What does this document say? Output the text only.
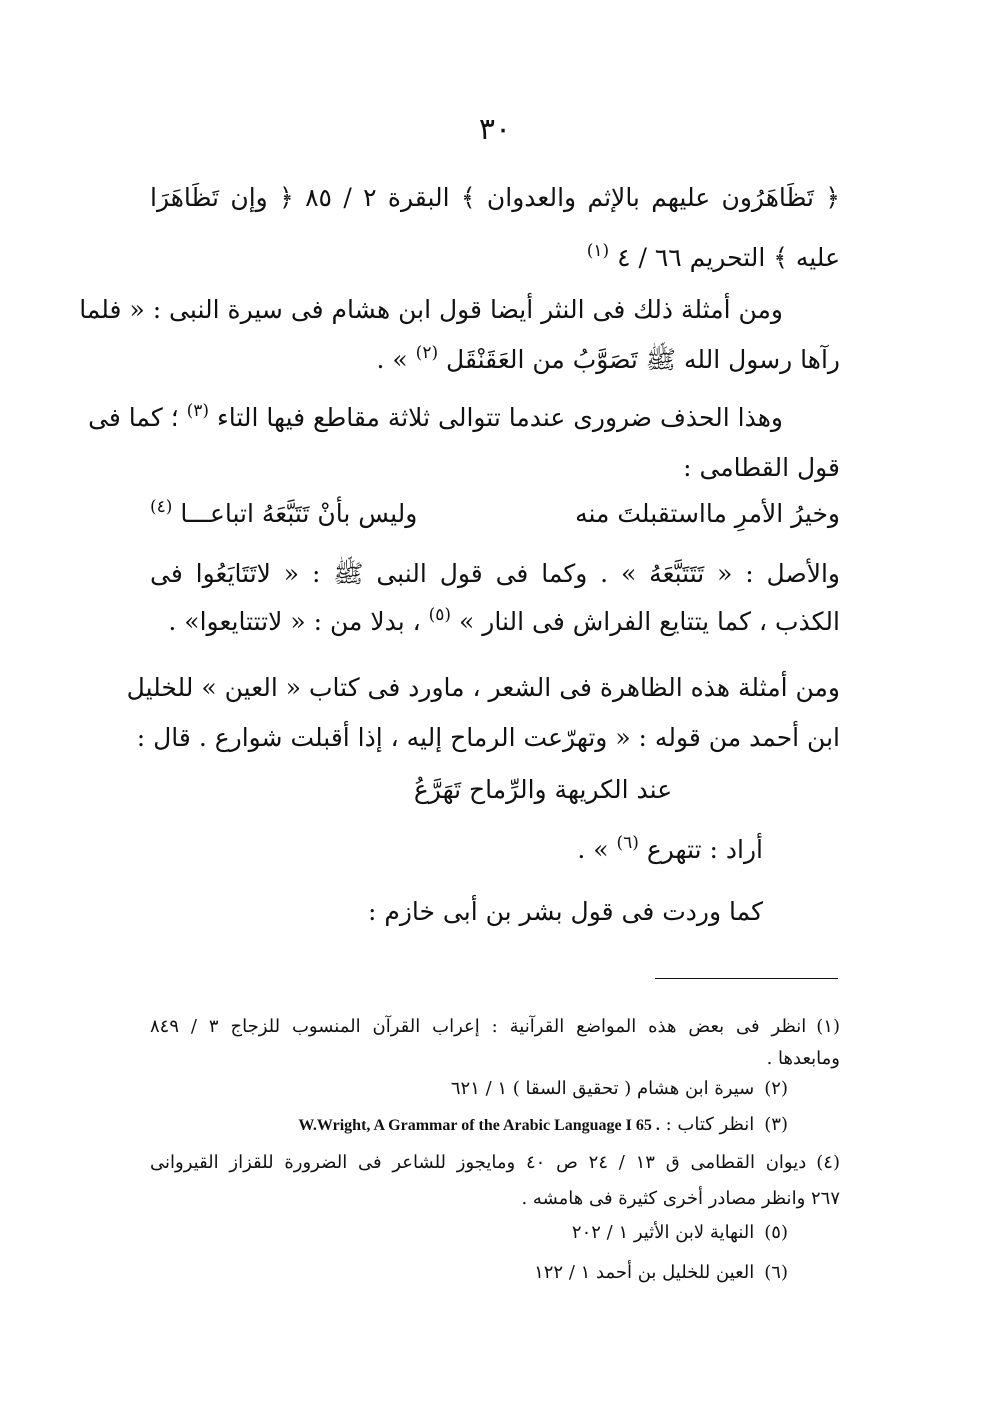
٣٠
﴿ تَظَاهَرُون عليهم بالإثم والعدوان ﴾ البقرة ٢ / ٨٥ ﴿ وإن تَظَاهَرَا
عليه ﴾ التحريم ٦٦ / ٤ $^{(١)}$
ومن أمثلة ذلك فى النثر أيضا قول ابن هشام فى سيرة النبى : « فلما
رآها رسول الله ﷺ تَصَوَّبُ من العَقَنْقَل $^{(٢)}$ » .
وهذا الحذف ضرورى عندما تتوالى ثلاثة مقاطع فيها التاء $^{(٣)}$ ؛ كما فى
قول القطامى :
وخيرُ الأمرِ مااستقبلتَ منه
وليس بأنْ تَتَبَّعَهُ اتباعـــا $^{(٤)}$
والأصل : « تَتَتَبَّعَهُ » . وكما فى قول النبى ﷺ : « لاتَتَايَعُوا فى
الكذب ، كما يتتايع الفراش فى النار » $^{(٥)}$ ، بدلا من : « لاتتتايعوا» .
ومن أمثلة هذه الظاهرة فى الشعر ، ماورد فى كتاب « العين » للخليل
ابن أحمد من قوله : « وتهرّعت الرماح إليه ، إذا أقبلت شوارع . قال :
عند الكريهة والرِّماح تَهَرَّعُ
أراد : تتهرع $^{(٦)}$ » .
كما وردت فى قول بشر بن أبى خازم :
(١)انظر فى بعض هذه المواضع القرآنية : إعراب القرآن المنسوب للزجاج ٣ / ٨٤٩
ومابعدها .
(٢)سيرة ابن هشام ( تحقيق السقا ) ١ / ٦٢١
(٣)انظر كتاب : W.Wright, A Grammar of the Arabic Language I 65 .
(٤)ديوان القطامى ق ١٣ / ٢٤ ص ٤٠ ومايجوز للشاعر فى الضرورة للقزاز القيروانى
٢٦٧ وانظر مصادر أخرى كثيرة فى هامشه .
(٥)النهاية لابن الأثير ١ / ٢٠٢
(٦)العين للخليل بن أحمد ١ / ١٢٢
